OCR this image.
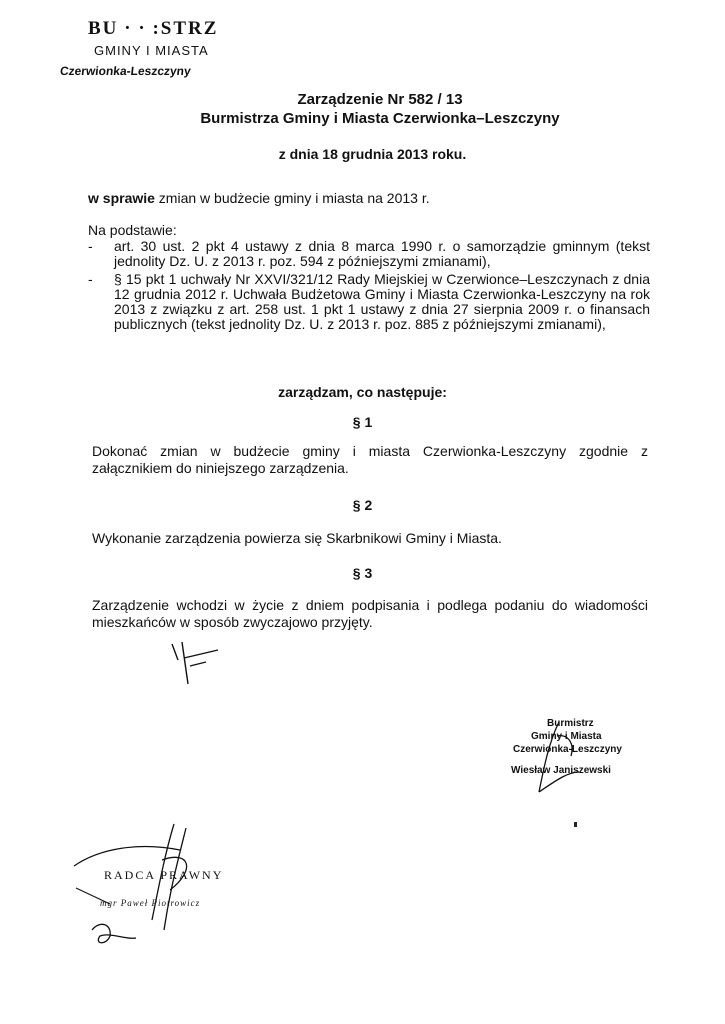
BU · · :STRZ
GMINY I MIASTA
Czerwionka-Leszczyny
Zarządzenie Nr 582 / 13
Burmistrza Gminy i Miasta Czerwionka–Leszczyny
z dnia 18 grudnia 2013 roku.
w sprawie zmian w budżecie gminy i miasta na 2013 r.
Na podstawie:
-	art. 30 ust. 2 pkt 4 ustawy z dnia 8 marca 1990 r. o samorządzie gminnym (tekst jednolity Dz. U. z 2013 r. poz. 594 z późniejszymi zmianami),
-	§ 15 pkt 1 uchwały Nr XXVI/321/12 Rady Miejskiej w Czerwionce–Leszczynach z dnia 12 grudnia 2012 r. Uchwała Budżetowa Gminy i Miasta Czerwionka-Leszczyny na rok 2013 z związku z art. 258 ust. 1 pkt 1 ustawy z dnia 27 sierpnia 2009 r. o finansach publicznych (tekst jednolity Dz. U. z 2013 r. poz. 885 z późniejszymi zmianami),
zarządzam, co następuje:
§ 1
Dokonać zmian w budżecie gminy i miasta Czerwionka-Leszczyny zgodnie z załącznikiem do niniejszego zarządzenia.
§ 2
Wykonanie zarządzenia powierza się Skarbnikowi Gminy i Miasta.
§ 3
Zarządzenie wchodzi w życie z dniem podpisania i podlega podaniu do wiadomości mieszkańców w sposób zwyczajowo przyjęty.
Burmistrz
Gminy i Miasta
Czerwionka-Leszczyny
Wiesław Janiszewski
RADCA PRAWNY
mgr Paweł Piotrowicz
